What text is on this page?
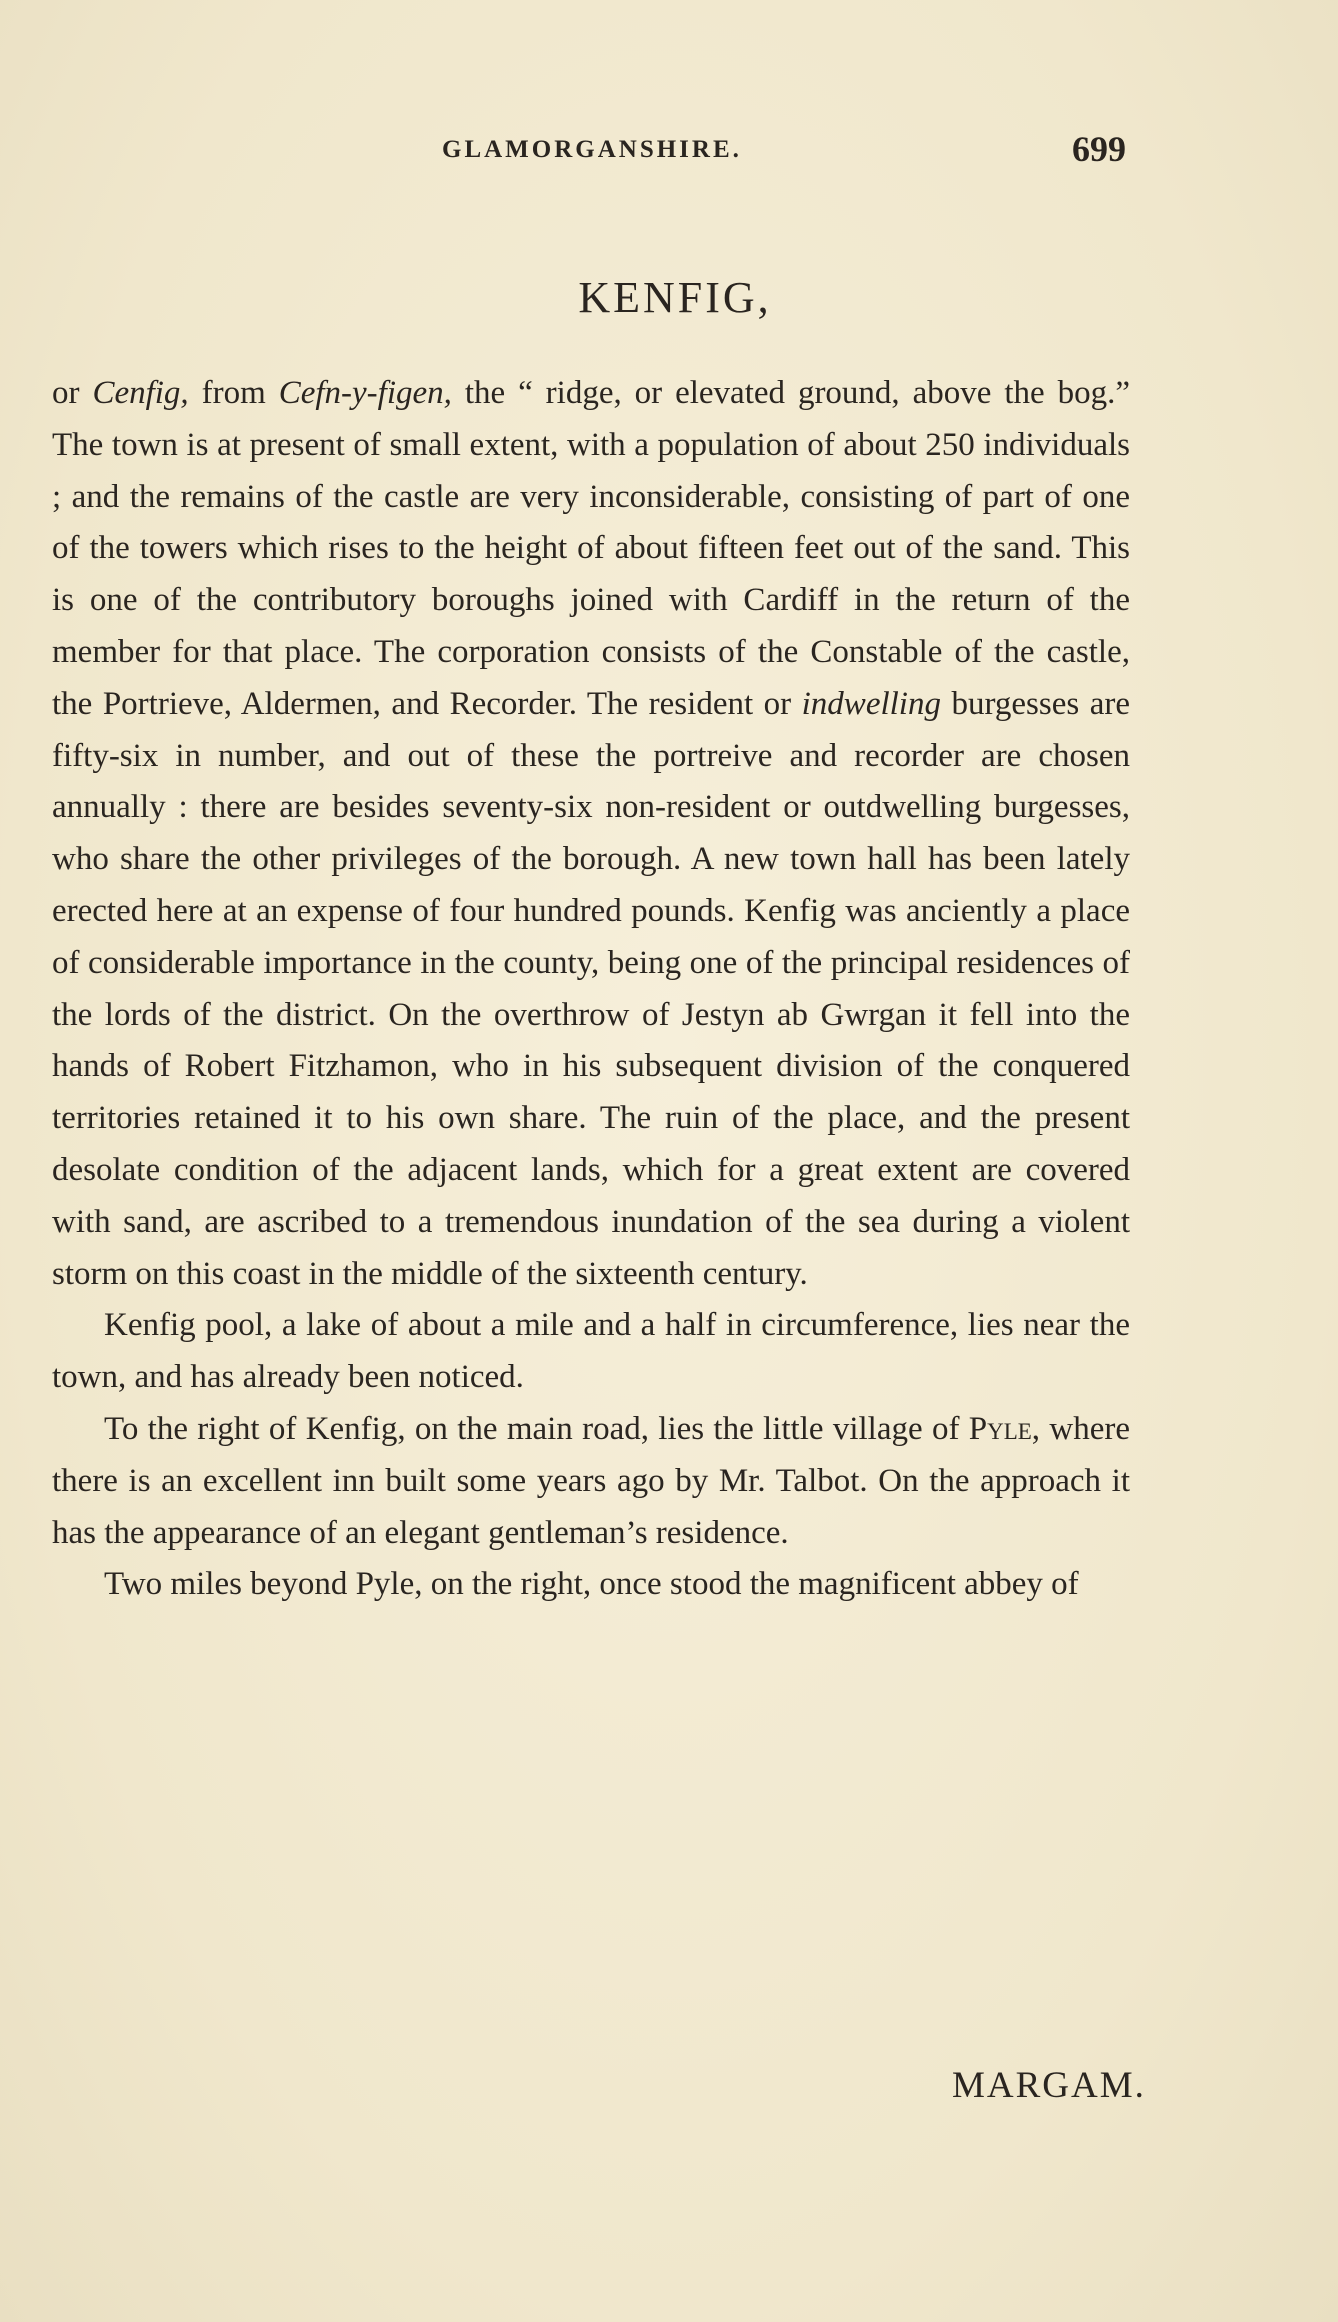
GLAMORGANSHIRE.	699
KENFIG,

or Cenfig, from Cefn-y-figen, the “ ridge, or elevated ground, above the bog.” The town is at present of small extent, with a population of about 250 individuals ; and the remains of the castle are very inconsiderable, consisting of part of one of the towers which rises to the height of about fifteen feet out of the sand. This is one of the contributory boroughs joined with Cardiff in the return of the member for that place. The corporation consists of the Constable of the castle, the Portrieve, Aldermen, and Recorder. The resident or indwelling burgesses are fifty-six in number, and out of these the portreive and recorder are chosen annually : there are besides seventy-six non-resident or outdwelling burgesses, who share the other privileges of the borough. A new town hall has been lately erected here at an expense of four hundred pounds. Kenfig was anciently a place of considerable importance in the county, being one of the principal residences of the lords of the district. On the overthrow of Jestyn ab Gwrgan it fell into the hands of Robert Fitzhamon, who in his subsequent division of the conquered territories retained it to his own share. The ruin of the place, and the present desolate condition of the adjacent lands, which for a great extent are covered with sand, are ascribed to a tremendous inundation of the sea during a violent storm on this coast in the middle of the sixteenth century.

Kenfig pool, a lake of about a mile and a half in circumference, lies near the town, and has already been noticed.

To the right of Kenfig, on the main road, lies the little village of Pyle, where there is an excellent inn built some years ago by Mr. Talbot. On the approach it has the appearance of an elegant gentleman’s residence.

Two miles beyond Pyle, on the right, once stood the magnificent abbey of

MARGAM.
